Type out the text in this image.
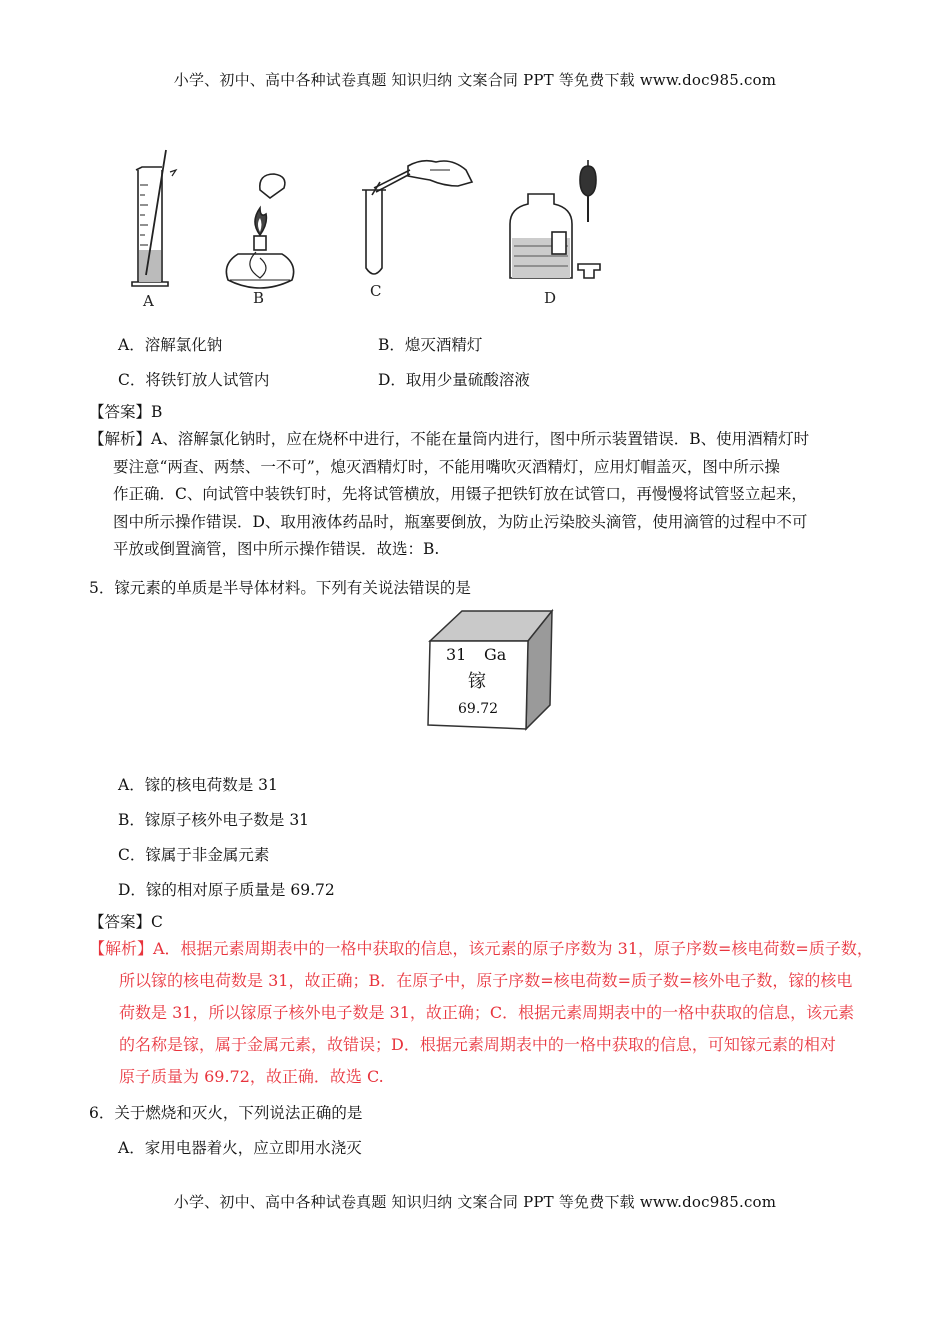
小学、初中、高中各种试卷真题 知识归纳 文案合同 PPT 等免费下载 www.doc985.com
A	B	C	D
A．溶解氯化钠	B．熄灭酒精灯
C．将铁钉放人试管内	D．取用少量硫酸溶液
【答案】B
【解析】A、溶解氯化钠时，应在烧杯中进行，不能在量筒内进行，图中所示装置错误．B、使用酒精灯时
要注意“两查、两禁、一不可”，熄灭酒精灯时，不能用嘴吹灭酒精灯，应用灯帽盖灭，图中所示操
作正确．C、向试管中装铁钉时，先将试管横放，用镊子把铁钉放在试管口，再慢慢将试管竖立起来，
图中所示操作错误．D、取用液体药品时，瓶塞要倒放，为防止污染胶头滴管，使用滴管的过程中不可
平放或倒置滴管，图中所示操作错误．故选：B.
5．镓元素的单质是半导体材料。下列有关说法错误的是
31 Ga
镓
69.72
A．镓的核电荷数是 31
B．镓原子核外电子数是 31
C．镓属于非金属元素
D．镓的相对原子质量是 69.72
【答案】C
【解析】A．根据元素周期表中的一格中获取的信息，该元素的原子序数为 31，原子序数=核电荷数=质子数，
所以镓的核电荷数是 31，故正确；B．在原子中，原子序数=核电荷数=质子数=核外电子数，镓的核电
荷数是 31，所以镓原子核外电子数是 31，故正确；C．根据元素周期表中的一格中获取的信息，该元素
的名称是镓，属于金属元素，故错误；D．根据元素周期表中的一格中获取的信息，可知镓元素的相对
原子质量为 69.72，故正确．故选 C.
6．关于燃烧和灭火，下列说法正确的是
A．家用电器着火，应立即用水浇灭
小学、初中、高中各种试卷真题 知识归纳 文案合同 PPT 等免费下载 www.doc985.com
